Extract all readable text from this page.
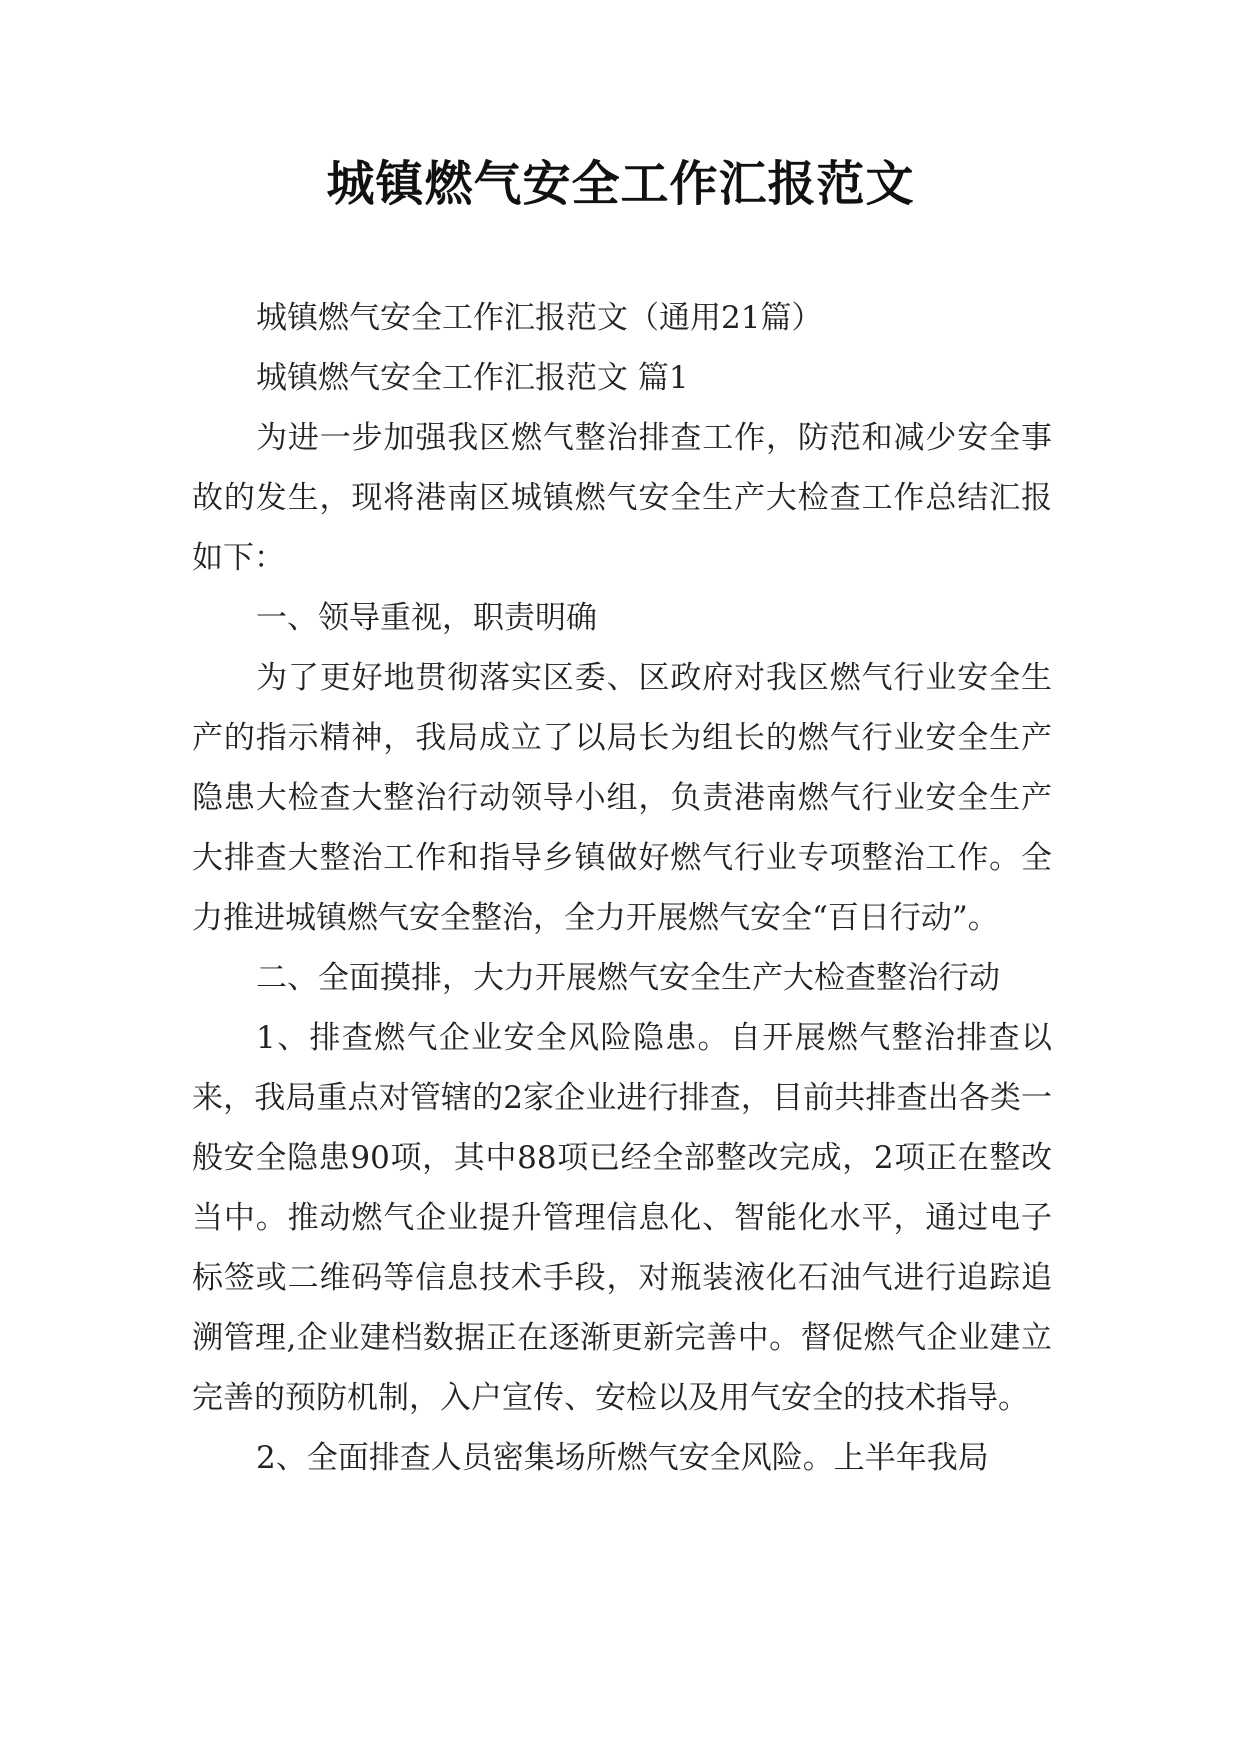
城镇燃气安全工作汇报范文

城镇燃气安全工作汇报范文（通用21篇）

城镇燃气安全工作汇报范文 篇1

为进一步加强我区燃气整治排查工作，防范和减少安全事故的发生，现将港南区城镇燃气安全生产大检查工作总结汇报如下：

一、领导重视，职责明确

为了更好地贯彻落实区委、区政府对我区燃气行业安全生产的指示精神，我局成立了以局长为组长的燃气行业安全生产隐患大检查大整治行动领导小组，负责港南燃气行业安全生产大排查大整治工作和指导乡镇做好燃气行业专项整治工作。全力推进城镇燃气安全整治，全力开展燃气安全“百日行动”。

二、全面摸排，大力开展燃气安全生产大检查整治行动

1、排查燃气企业安全风险隐患。自开展燃气整治排查以来，我局重点对管辖的2家企业进行排查，目前共排查出各类一般安全隐患90项，其中88项已经全部整改完成，2项正在整改当中。推动燃气企业提升管理信息化、智能化水平，通过电子标签或二维码等信息技术手段，对瓶装液化石油气进行追踪追溯管理,企业建档数据正在逐渐更新完善中。督促燃气企业建立完善的预防机制，入户宣传、安检以及用气安全的技术指导。

2、全面排查人员密集场所燃气安全风险。上半年我局
